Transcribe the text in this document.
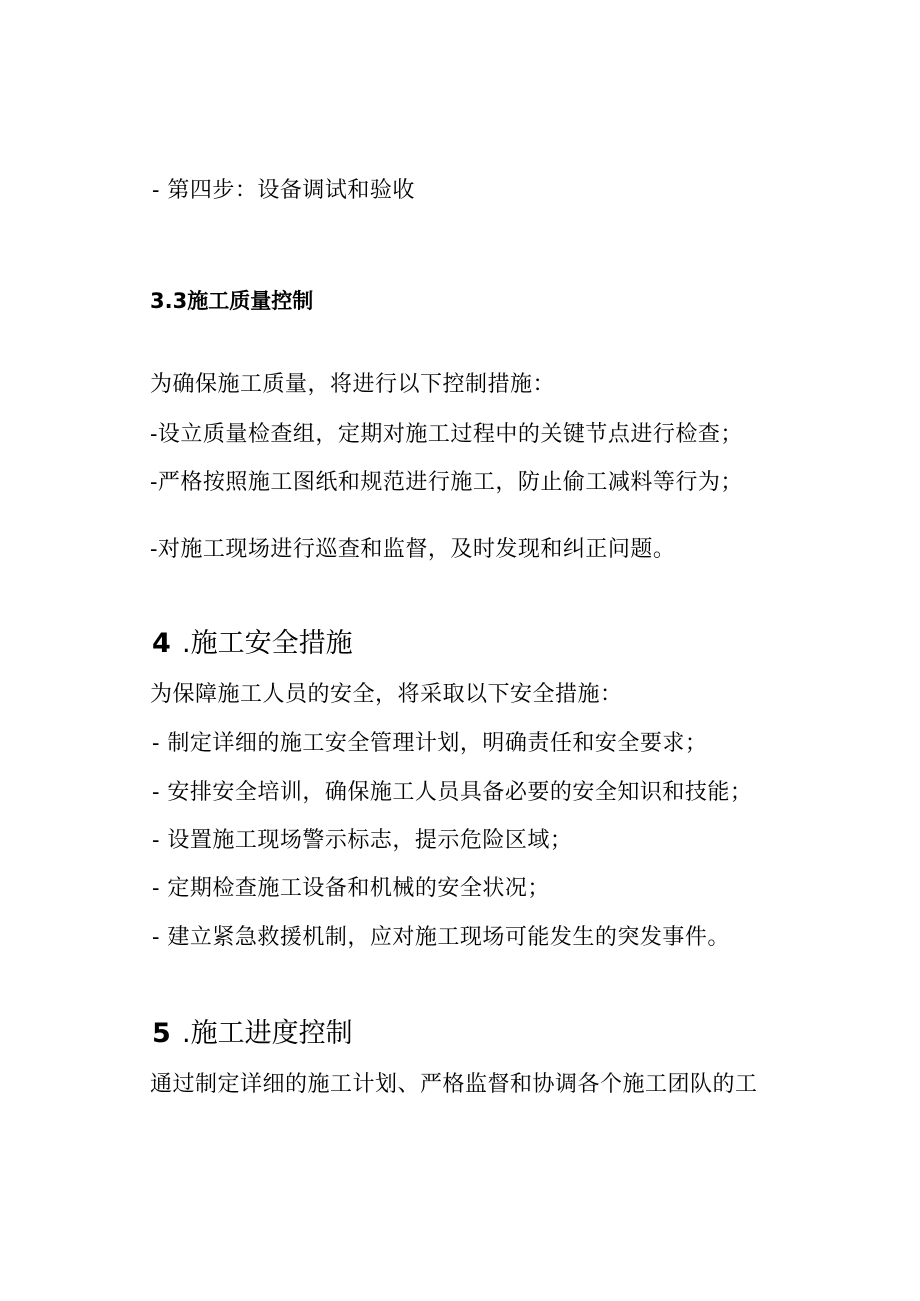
- 第四步：设备调试和验收
3.3施工质量控制
为确保施工质量，将进行以下控制措施：
-设立质量检查组，定期对施工过程中的关键节点进行检查；
-严格按照施工图纸和规范进行施工，防止偷工减料等行为；
-对施工现场进行巡查和监督，及时发现和纠正问题。
4 .施工安全措施
为保障施工人员的安全，将采取以下安全措施：
- 制定详细的施工安全管理计划，明确责任和安全要求；
- 安排安全培训，确保施工人员具备必要的安全知识和技能；
- 设置施工现场警示标志，提示危险区域；
- 定期检查施工设备和机械的安全状况；
- 建立紧急救援机制，应对施工现场可能发生的突发事件。
5 .施工进度控制
通过制定详细的施工计划、严格监督和协调各个施工团队的工
